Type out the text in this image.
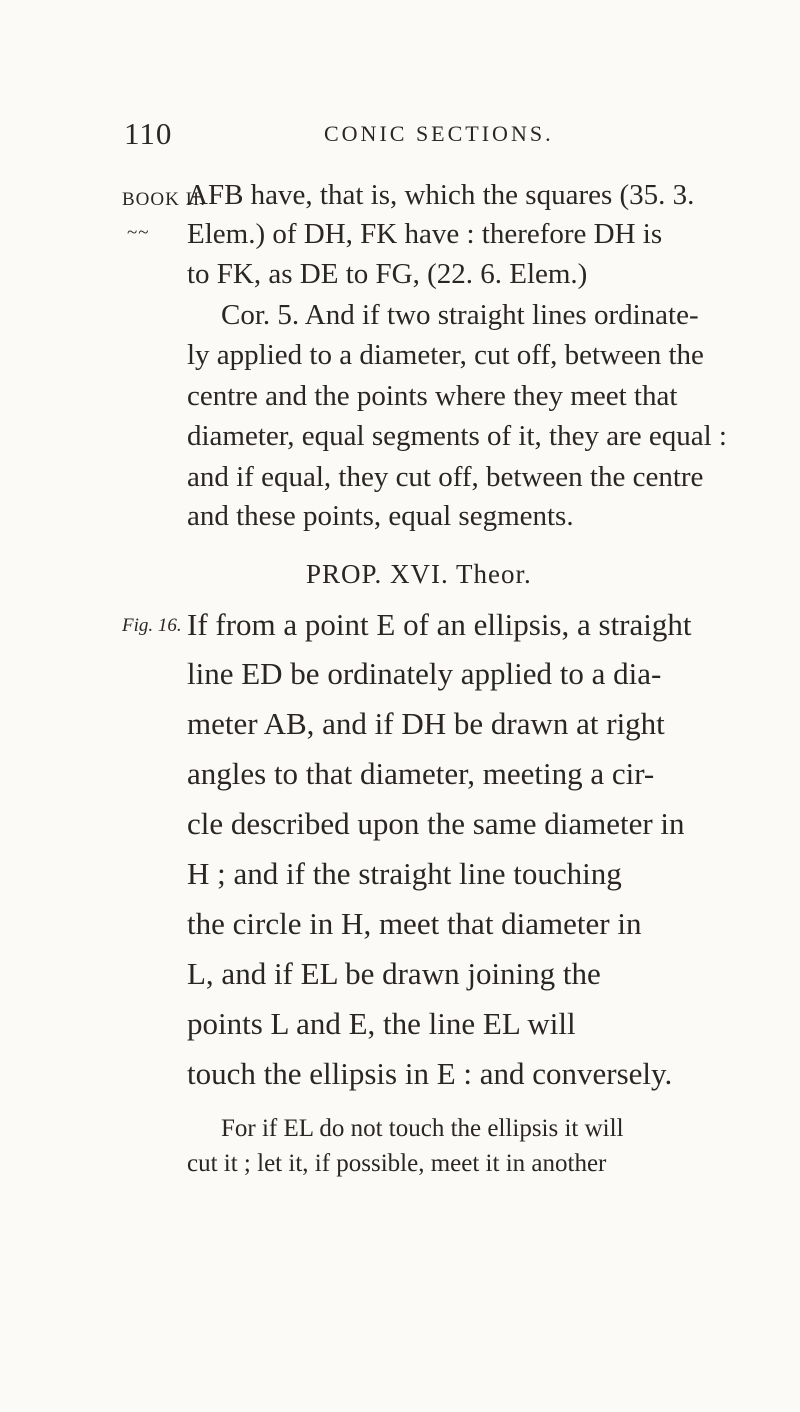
110	CONIC SECTIONS.
BOOK II.
~~
AFB have, that is, which the squares (35. 3.
Elem.) of DH, FK have : therefore DH is
to FK, as DE to FG, (22. 6. Elem.)
Cor. 5. And if two straight lines ordinate-
ly applied to a diameter, cut off, between the
centre and the points where they meet that
diameter, equal segments of it, they are equal :
and if equal, they cut off, between the centre
and these points, equal segments.
PROP. XVI. Theor.
Fig. 16. If from a point E of an ellipsis, a straight
line ED be ordinately applied to a dia-
meter AB, and if DH be drawn at right
angles to that diameter, meeting a cir-
cle described upon the same diameter in
H ; and if the straight line touching
the circle in H, meet that diameter in
L, and if EL be drawn joining the
points L and E, the line EL will
touch the ellipsis in E : and conversely.
For if EL do not touch the ellipsis it will
cut it ; let it, if possible, meet it in another
